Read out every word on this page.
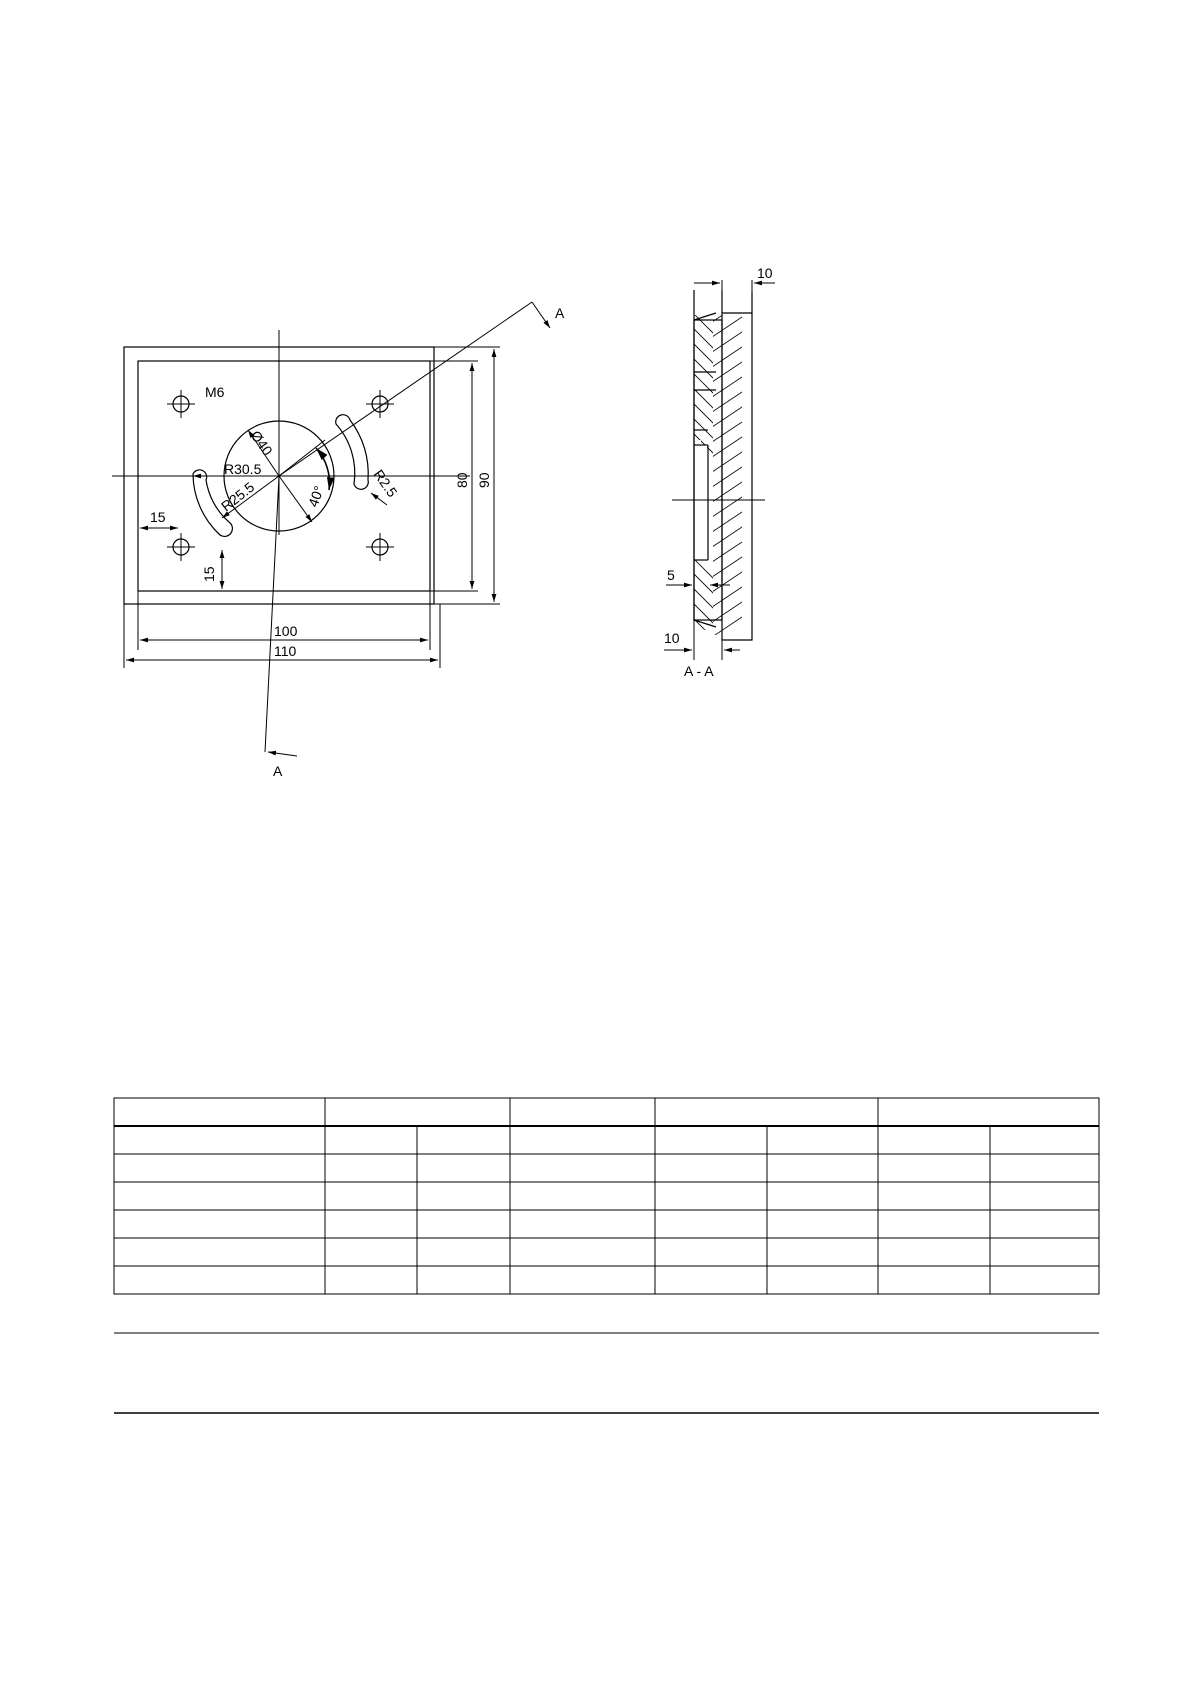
M6
Ø40
R30.5
R25.5	40°	R2.5
15
15
80 90
100
110
A
A
10
5
10
A - A
